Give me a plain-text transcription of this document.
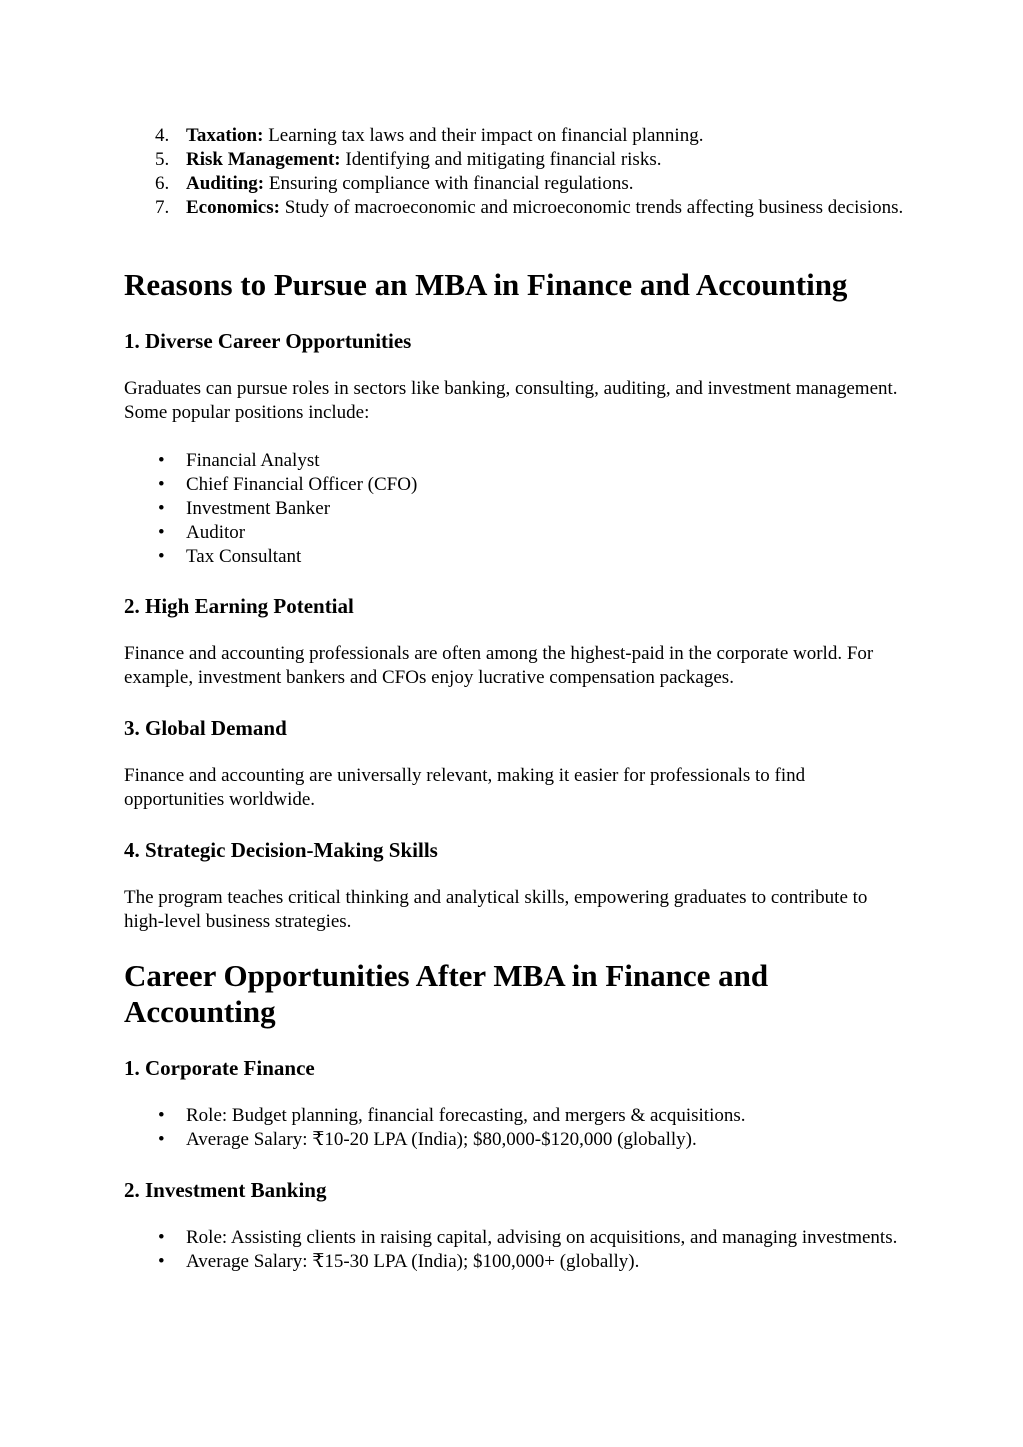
4. Taxation: Learning tax laws and their impact on financial planning.
5. Risk Management: Identifying and mitigating financial risks.
6. Auditing: Ensuring compliance with financial regulations.
7. Economics: Study of macroeconomic and microeconomic trends affecting business decisions.
Reasons to Pursue an MBA in Finance and Accounting
1. Diverse Career Opportunities

Graduates can pursue roles in sectors like banking, consulting, auditing, and investment management. Some popular positions include:

• Financial Analyst
• Chief Financial Officer (CFO)
• Investment Banker
• Auditor
• Tax Consultant
2. High Earning Potential

Finance and accounting professionals are often among the highest-paid in the corporate world. For example, investment bankers and CFOs enjoy lucrative compensation packages.

3. Global Demand

Finance and accounting are universally relevant, making it easier for professionals to find opportunities worldwide.

4. Strategic Decision-Making Skills

The program teaches critical thinking and analytical skills, empowering graduates to contribute to high-level business strategies.

Career Opportunities After MBA in Finance and Accounting
1. Corporate Finance
• Role: Budget planning, financial forecasting, and mergers & acquisitions.
• Average Salary: ₹10-20 LPA (India); $80,000-$120,000 (globally).
2. Investment Banking
• Role: Assisting clients in raising capital, advising on acquisitions, and managing investments.
• Average Salary: ₹15-30 LPA (India); $100,000+ (globally).
